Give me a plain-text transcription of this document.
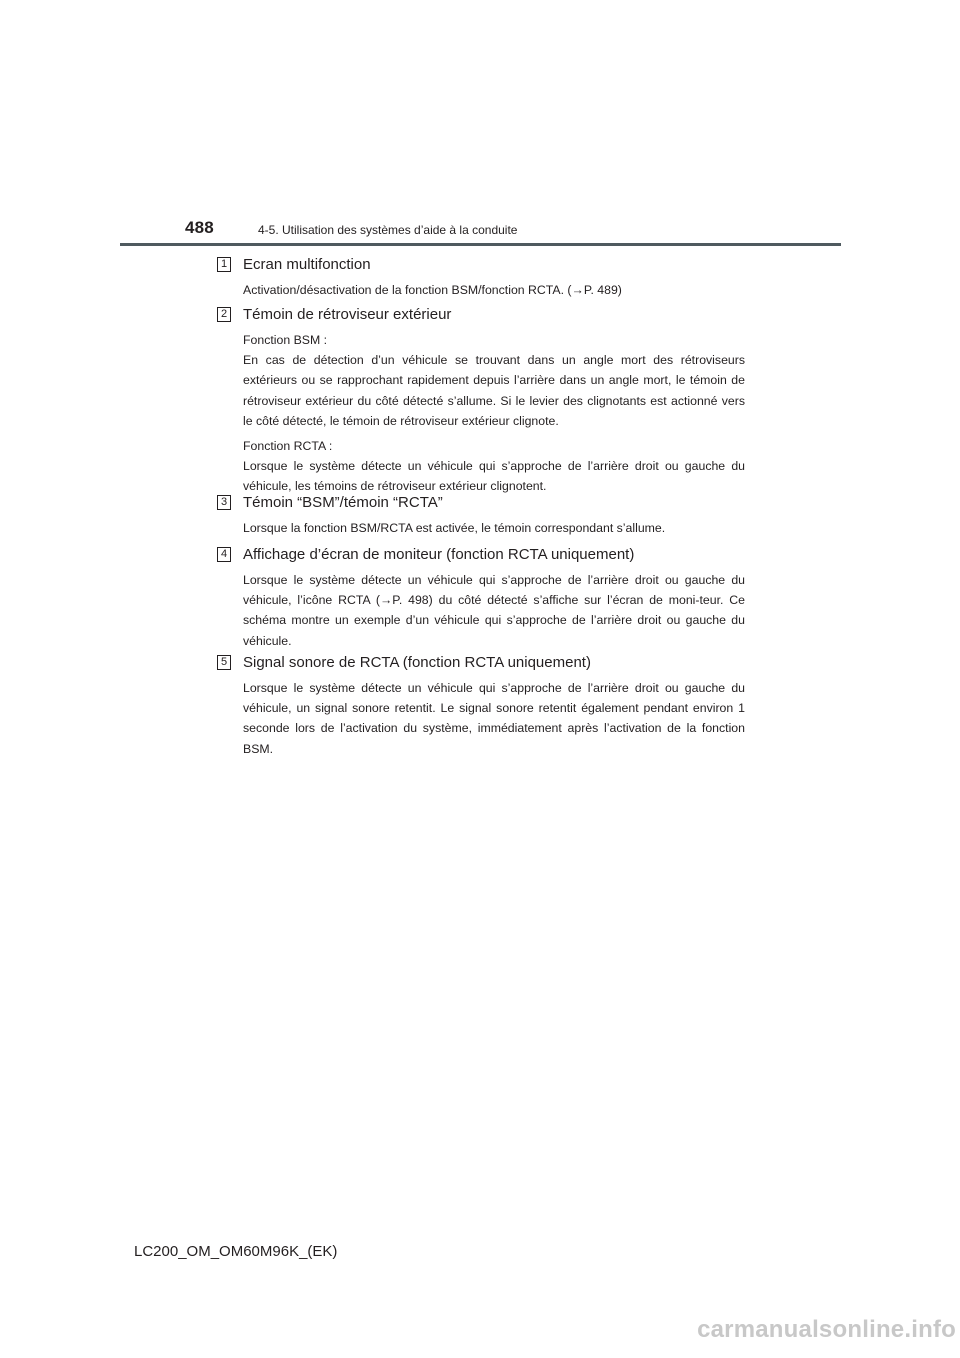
488	4-5. Utilisation des systèmes d’aide à la conduite
1 Ecran multifonction

Activation/désactivation de la fonction BSM/fonction RCTA. (→P. 489)

2 Témoin de rétroviseur extérieur

Fonction BSM :
En cas de détection d’un véhicule se trouvant dans un angle mort des rétroviseurs extérieurs ou se rapprochant rapidement depuis l’arrière dans un angle mort, le témoin de rétroviseur extérieur du côté détecté s’allume. Si le levier des clignotants est actionné vers le côté détecté, le témoin de rétroviseur extérieur clignote.

Fonction RCTA :
Lorsque le système détecte un véhicule qui s’approche de l’arrière droit ou gauche du véhicule, les témoins de rétroviseur extérieur clignotent.

3 Témoin “BSM”/témoin “RCTA”

Lorsque la fonction BSM/RCTA est activée, le témoin correspondant s’allume.

4 Affichage d’écran de moniteur (fonction RCTA uniquement)

Lorsque le système détecte un véhicule qui s’approche de l’arrière droit ou gauche du véhicule, l’icône RCTA (→P. 498) du côté détecté s’affiche sur l’écran de moni-teur. Ce schéma montre un exemple d’un véhicule qui s’approche de l’arrière droit ou gauche du véhicule.

5 Signal sonore de RCTA (fonction RCTA uniquement)

Lorsque le système détecte un véhicule qui s’approche de l’arrière droit ou gauche du véhicule, un signal sonore retentit. Le signal sonore retentit également pendant environ 1 seconde lors de l’activation du système, immédiatement après l’activation de la fonction BSM.

LC200_OM_OM60M96K_(EK)
carmanualsonline.info
